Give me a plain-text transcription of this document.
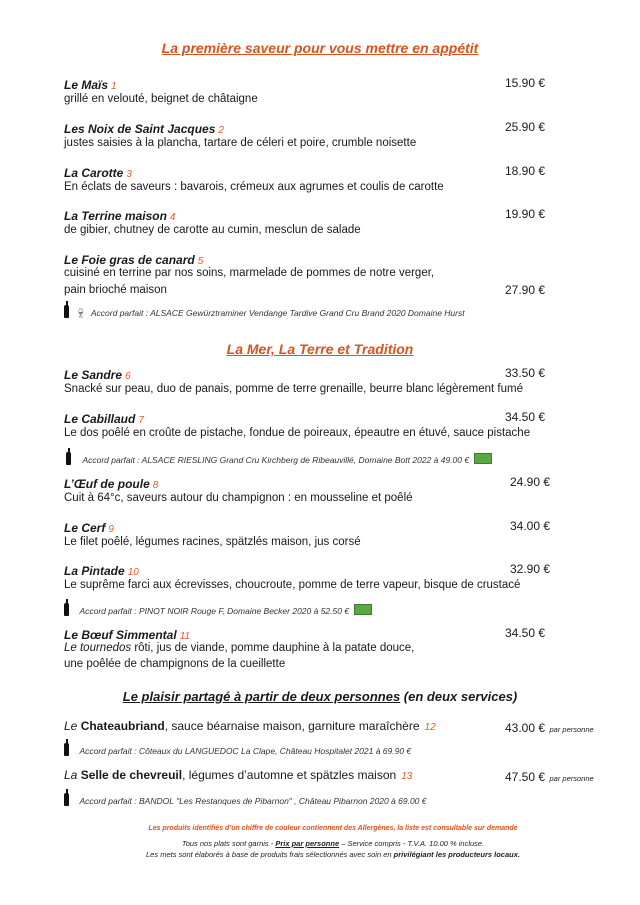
La première saveur pour vous mettre en appétit
Le Maïs 1	15.90 €
grillé en velouté, beignet de châtaigne
Les Noix de Saint Jacques 2	25.90 €
justes saisies à la plancha, tartare de céleri et poire, crumble noisette
La Carotte 3	18.90 €
En éclats de saveurs : bavarois, crémeux aux agrumes et coulis de carotte
La Terrine maison 4	19.90 €
de gibier, chutney de carotte au cumin, mesclun de salade
Le Foie gras de canard 5
cuisiné en terrine par nos soins, marmelade de pommes de notre verger,
pain brioché maison	27.90 €
🍷︎ Accord parfait : ALSACE Gewürztraminer Vendange Tardive Grand Cru Brand 2020 Domaine Hurst
La Mer, La Terre et Tradition
Le Sandre 6	33.50 €
Snacké sur peau, duo de panais, pomme de terre grenaille, beurre blanc légèrement fumé
Le Cabillaud 7	34.50 €
Le dos poêlé en croûte de pistache, fondue de poireaux, épeautre en étuvé, sauce pistache
Accord parfait : ALSACE RIESLING Grand Cru Kirchberg de Ribeauvillé, Domaine Bott 2022 à 49.00 €
L’Œuf de poule 8	24.90 €
Cuit à 64°c, saveurs autour du champignon : en mousseline et poêlé
Le Cerf 9	34.00 €
Le filet poêlé, légumes racines, spätzlés maison, jus corsé
La Pintade 10	32.90 €
Le suprême farci aux écrevisses, choucroute, pomme de terre vapeur, bisque de crustacé
Accord parfait : PINOT NOIR Rouge F, Domaine Becker 2020 à 52.50 €
Le Bœuf Simmental 11	34.50 €
Le tournedos rôti, jus de viande, pomme dauphine à la patate douce,
une poêlée de champignons de la cueillette
Le plaisir partagé à partir de deux personnes (en deux services)
Le Chateaubriand, sauce béarnaise maison, garniture maraîchère 12	43.00 € par personne
Accord parfait : Côteaux du LANGUEDOC La Clape, Château Hospitalet 2021 à 69.90 €
La Selle de chevreuil, légumes d’automne et spätzles maison 13	47.50 € par personne
Accord parfait : BANDOL "Les Restanques de Pibarnon" , Château Pibarnon 2020 à 69.00 €
Les produits identifiés d’un chiffre de couleur contiennent des Allergènes, la liste est consultable sur demande
Tous nos plats sont garnis - Prix par personne – Service compris - T.V.A. 10.00 % incluse.
Les mets sont élaborés à base de produits frais sélectionnés avec soin en privilégiant les producteurs locaux.
